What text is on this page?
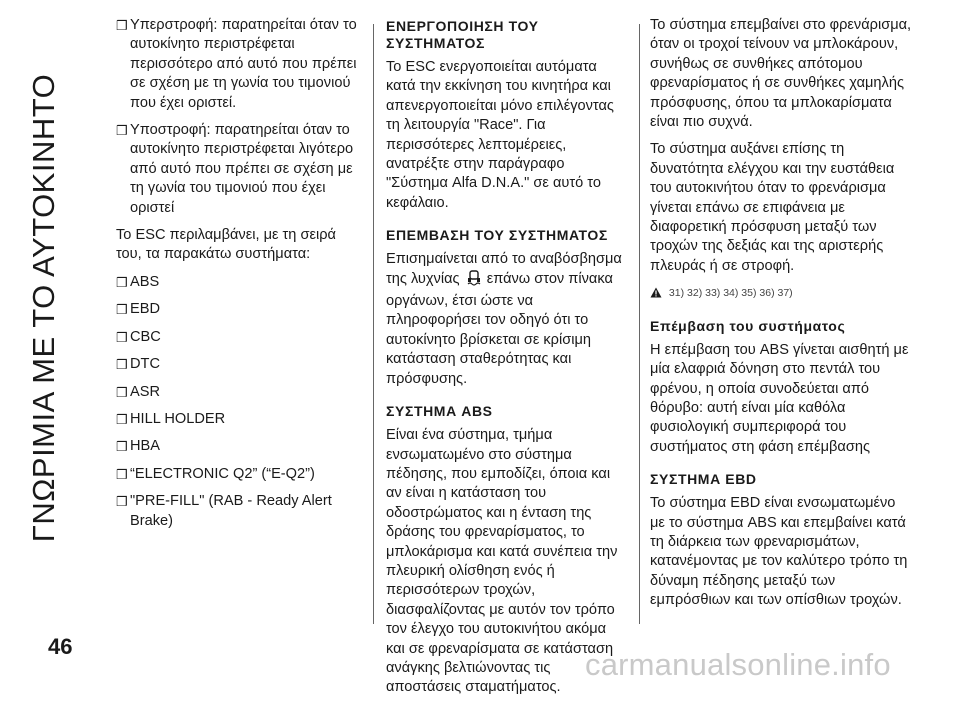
ΓΝΩΡΙΜΙΑ ΜΕ ΤΟ ΑΥΤΟΚΙΝΗΤΟ
❒ Υπερστροφή: παρατηρείται όταν το αυτοκίνητο περιστρέφεται περισσότερο από αυτό που πρέπει σε σχέση με τη γωνία του τιμονιού που έχει οριστεί.
❒ Υποστροφή: παρατηρείται όταν το αυτοκίνητο περιστρέφεται λιγότερο από αυτό που πρέπει σε σχέση με τη γωνία του τιμονιού που έχει οριστεί

Το ESC περιλαμβάνει, με τη σειρά του, τα παρακάτω συστήματα:

❒ ABS
❒ EBD
❒ CBC
❒ DTC
❒ ASR
❒ HILL HOLDER
❒ HBA
❒ “ELECTRONIC Q2” (“E-Q2”)
❒ "PRE-FILL" (RAB - Ready Alert Brake)
ΕΝΕΡΓΟΠΟΙΗΣΗ ΤΟΥ ΣΥΣΤΗΜΑΤΟΣ

Το ESC ενεργοποιείται αυτόματα κατά την εκκίνηση του κινητήρα και απενεργοποιείται μόνο επιλέγοντας τη λειτουργία "Race". Για περισσότερες λεπτομέρειες, ανατρέξτε στην παράγραφο "Σύστημα Alfa D.N.A." σε αυτό το κεφάλαιο.

ΕΠΕΜΒΑΣΗ ΤΟΥ ΣΥΣΤΗΜΑΤΟΣ

Επισημαίνεται από το αναβόσβησμα της λυχνίας επάνω στον πίνακα οργάνων, έτσι ώστε να πληροφορήσει τον οδηγό ότι το αυτοκίνητο βρίσκεται σε κρίσιμη κατάσταση σταθερότητας και πρόσφυσης.

ΣΥΣΤΗΜΑ ABS

Είναι ένα σύστημα, τμήμα ενσωματωμένο στο σύστημα πέδησης, που εμποδίζει, όποια και αν είναι η κατάσταση του οδοστρώματος και η ένταση της δράσης του φρεναρίσματος, το μπλοκάρισμα και κατά συνέπεια την πλευρική ολίσθηση ενός ή περισσότερων τροχών, διασφαλίζοντας με αυτόν τον τρόπο τον έλεγχο του αυτοκινήτου ακόμα και σε φρεναρίσματα σε κατάσταση ανάγκης βελτιώνοντας τις αποστάσεις σταματήματος.

Το σύστημα επεμβαίνει στο φρενάρισμα, όταν οι τροχοί τείνουν να μπλοκάρουν, συνήθως σε συνθήκες απότομου φρεναρίσματος ή σε συνθήκες χαμηλής πρόσφυσης, όπου τα μπλοκαρίσματα είναι πιο συχνά.

Το σύστημα αυξάνει επίσης τη δυνατότητα ελέγχου και την ευστάθεια του αυτοκινήτου όταν το φρενάρισμα γίνεται επάνω σε επιφάνεια με διαφορετική πρόσφυση μεταξύ των τροχών της δεξιάς και της αριστερής πλευράς ή σε στροφή.

31) 32) 33) 34) 35) 36) 37)
Επέμβαση του συστήματος

Η επέμβαση του ABS γίνεται αισθητή με μία ελαφριά δόνηση στο πεντάλ του φρένου, η οποία συνοδεύεται από θόρυβο: αυτή είναι μία καθόλα φυσιολογική συμπεριφορά του συστήματος στη φάση επέμβασης

ΣΥΣΤΗΜΑ EBD

Το σύστημα EBD είναι ενσωματωμένο με το σύστημα ABS και επεμβαίνει κατά τη διάρκεια των φρεναρισμάτων, κατανέμοντας με τον καλύτερο τρόπο τη δύναμη πέδησης μεταξύ των εμπρόσθιων και των οπίσθιων τροχών.

46
carmanualsonline.info
